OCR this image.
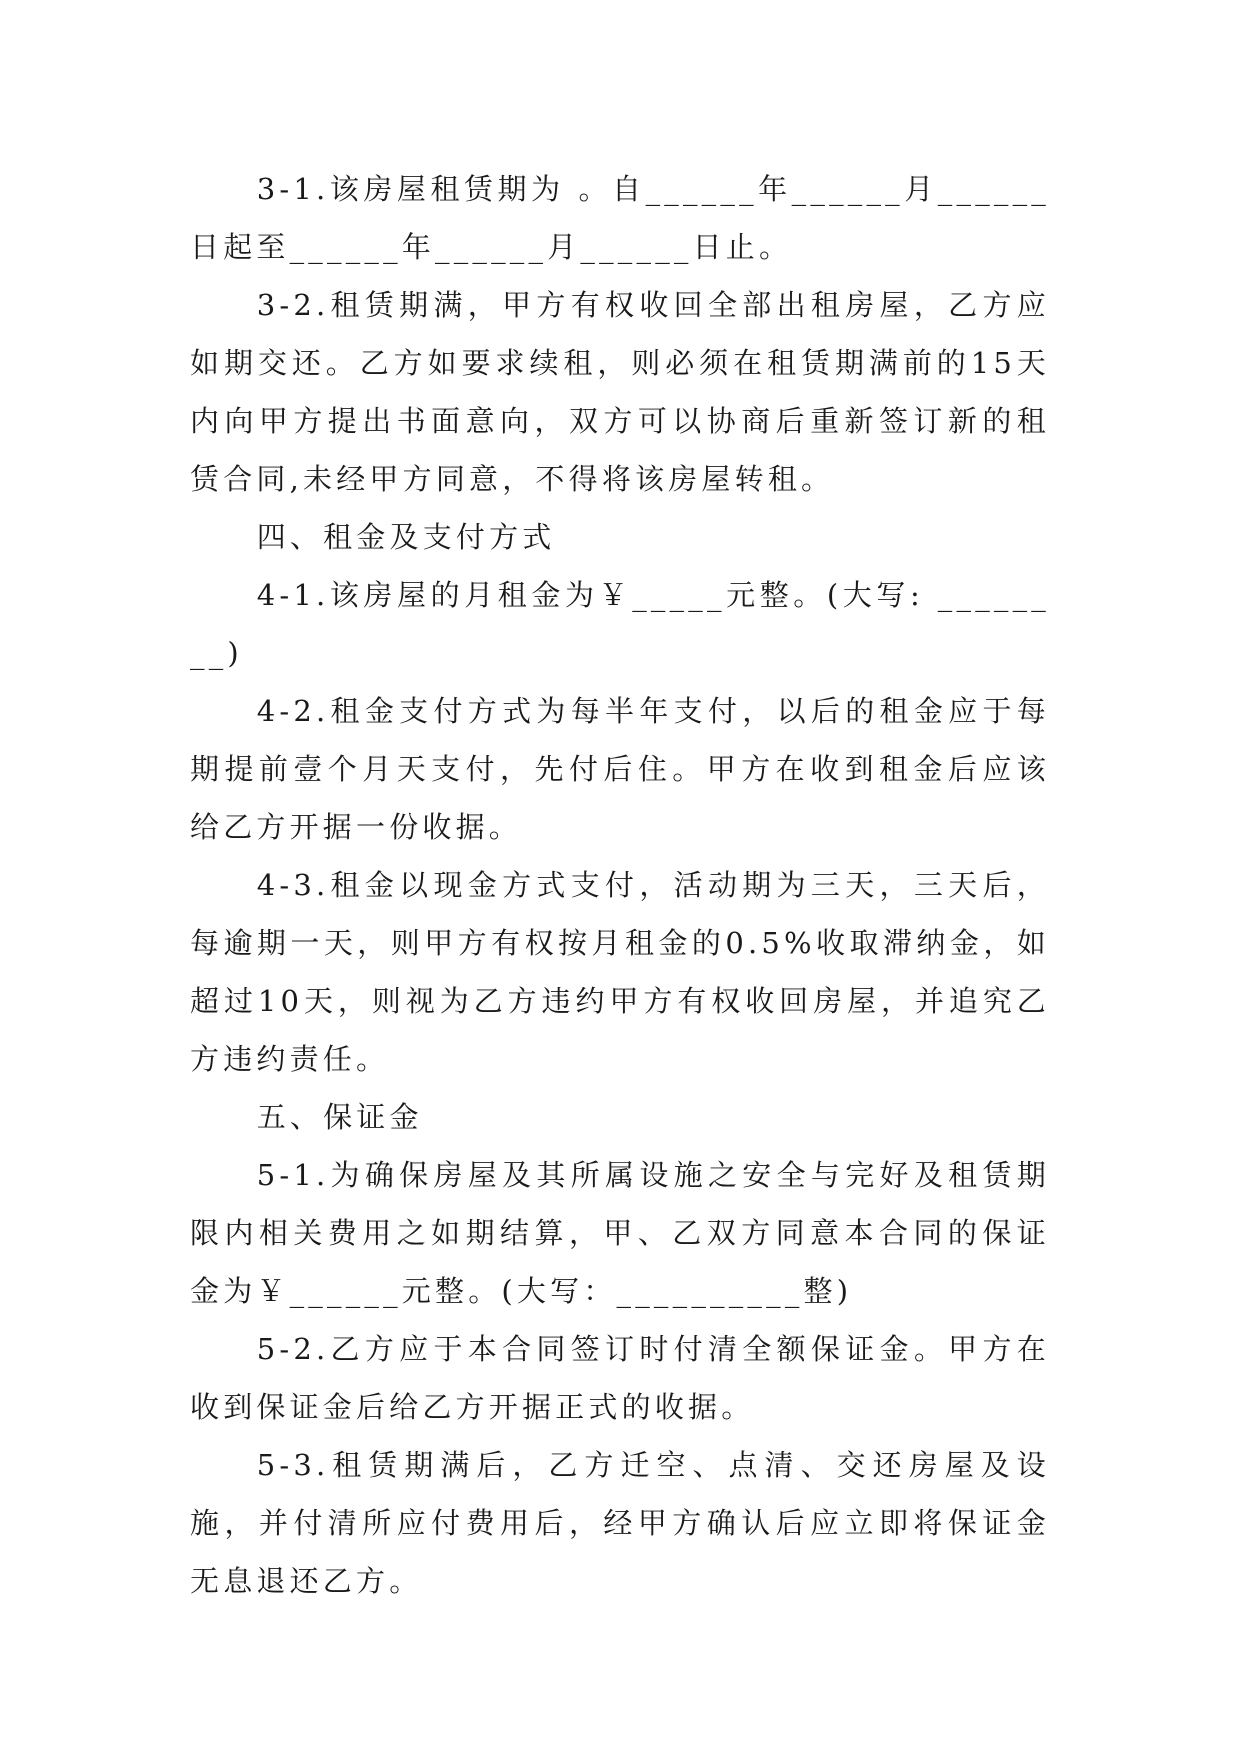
3-1.该房屋租赁期为 。自______年______月______日起至______年______月______日止。

3-2.租赁期满，甲方有权收回全部出租房屋，乙方应如期交还。乙方如要求续租，则必须在租赁期满前的15天内向甲方提出书面意向，双方可以协商后重新签订新的租赁合同,未经甲方同意，不得将该房屋转租。

四、租金及支付方式

4-1.该房屋的月租金为￥_____元整。(大写: ________)

4-2.租金支付方式为每半年支付，以后的租金应于每期提前壹个月天支付，先付后住。甲方在收到租金后应该给乙方开据一份收据。

4-3.租金以现金方式支付，活动期为三天，三天后，每逾期一天，则甲方有权按月租金的0.5%收取滞纳金，如超过10天，则视为乙方违约甲方有权收回房屋，并追究乙方违约责任。

五、保证金

5-1.为确保房屋及其所属设施之安全与完好及租赁期限内相关费用之如期结算，甲、乙双方同意本合同的保证金为￥______元整。(大写：__________整)

5-2.乙方应于本合同签订时付清全额保证金。甲方在收到保证金后给乙方开据正式的收据。

5-3.租赁期满后，乙方迁空、点清、交还房屋及设施，并付清所应付费用后，经甲方确认后应立即将保证金无息退还乙方。
